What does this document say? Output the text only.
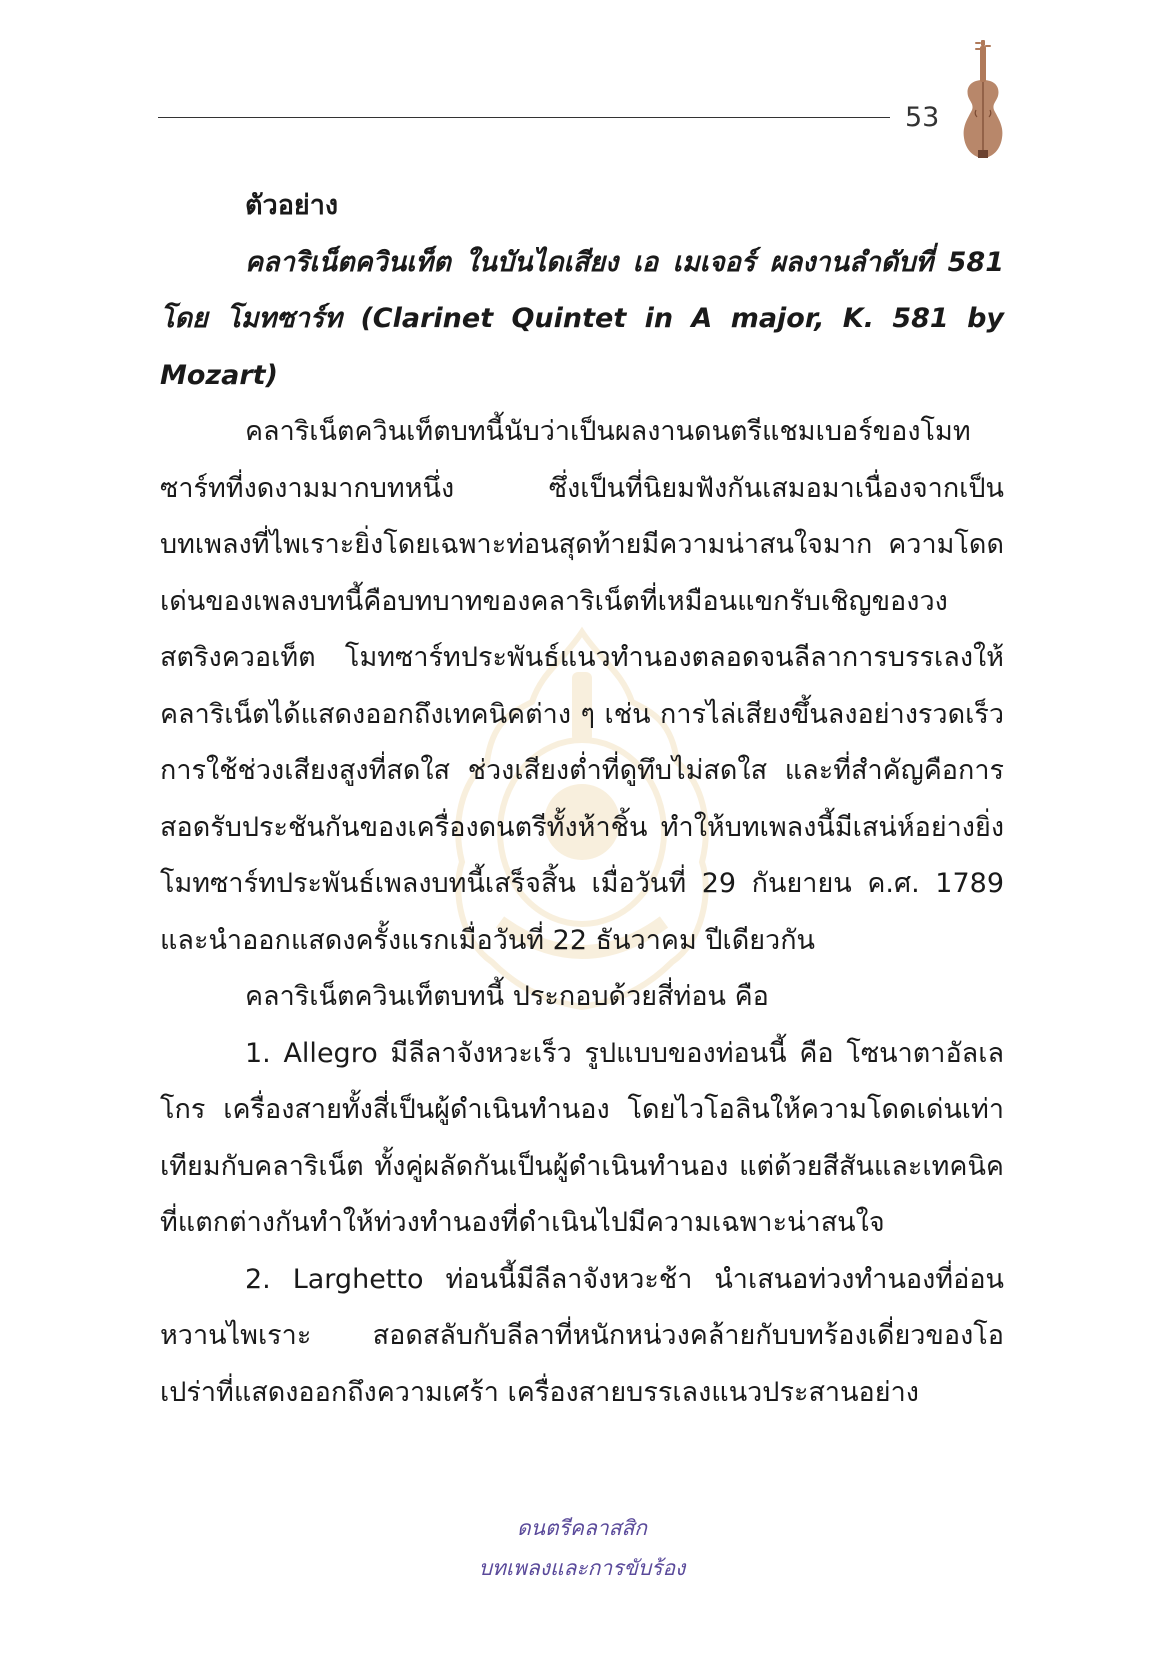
53

ตัวอย่าง

คลาริเน็ตควินเท็ต ในบันไดเสียง เอ เมเจอร์ ผลงานลำดับที่ 581 โดย โมทซาร์ท (Clarinet Quintet in A major, K. 581 by Mozart)

คลาริเน็ตควินเท็ตบทนี้นับว่าเป็นผลงานดนตรีแชมเบอร์ของโมทซาร์ทที่งดงามมากบทหนึ่ง ซึ่งเป็นที่นิยมฟังกันเสมอมาเนื่องจากเป็นบทเพลงที่ไพเราะยิ่งโดยเฉพาะท่อนสุดท้ายมีความน่าสนใจมาก ความโดดเด่นของเพลงบทนี้คือบทบาทของคลาริเน็ตที่เหมือนแขกรับเชิญของวงสตริงควอเท็ต โมทซาร์ทประพันธ์แนวทำนองตลอดจนลีลาการบรรเลงให้คลาริเน็ตได้แสดงออกถึงเทคนิคต่าง ๆ เช่น การไล่เสียงขึ้นลงอย่างรวดเร็ว การใช้ช่วงเสียงสูงที่สดใส ช่วงเสียงต่ำที่ดูทึบไม่สดใส และที่สำคัญคือการสอดรับประชันกันของเครื่องดนตรีทั้งห้าชิ้น ทำให้บทเพลงนี้มีเสน่ห์อย่างยิ่ง โมทซาร์ทประพันธ์เพลงบทนี้เสร็จสิ้น เมื่อวันที่ 29 กันยายน ค.ศ. 1789 และนำออกแสดงครั้งแรกเมื่อวันที่ 22 ธันวาคม ปีเดียวกัน

คลาริเน็ตควินเท็ตบทนี้ ประกอบด้วยสี่ท่อน คือ

1. Allegro มีลีลาจังหวะเร็ว รูปแบบของท่อนนี้ คือ โซนาตาอัลเลโกร เครื่องสายทั้งสี่เป็นผู้ดำเนินทำนอง โดยไวโอลินให้ความโดดเด่นเท่าเทียมกับคลาริเน็ต ทั้งคู่ผลัดกันเป็นผู้ดำเนินทำนอง แต่ด้วยสีสันและเทคนิคที่แตกต่างกันทำให้ท่วงทำนองที่ดำเนินไปมีความเฉพาะน่าสนใจ

2. Larghetto ท่อนนี้มีลีลาจังหวะช้า นำเสนอท่วงทำนองที่อ่อนหวานไพเราะ สอดสลับกับลีลาที่หนักหน่วงคล้ายกับบทร้องเดี่ยวของโอเปร่าที่แสดงออกถึงความเศร้า เครื่องสายบรรเลงแนวประสานอย่าง

ดนตรีคลาสสิก
บทเพลงและการขับร้อง
